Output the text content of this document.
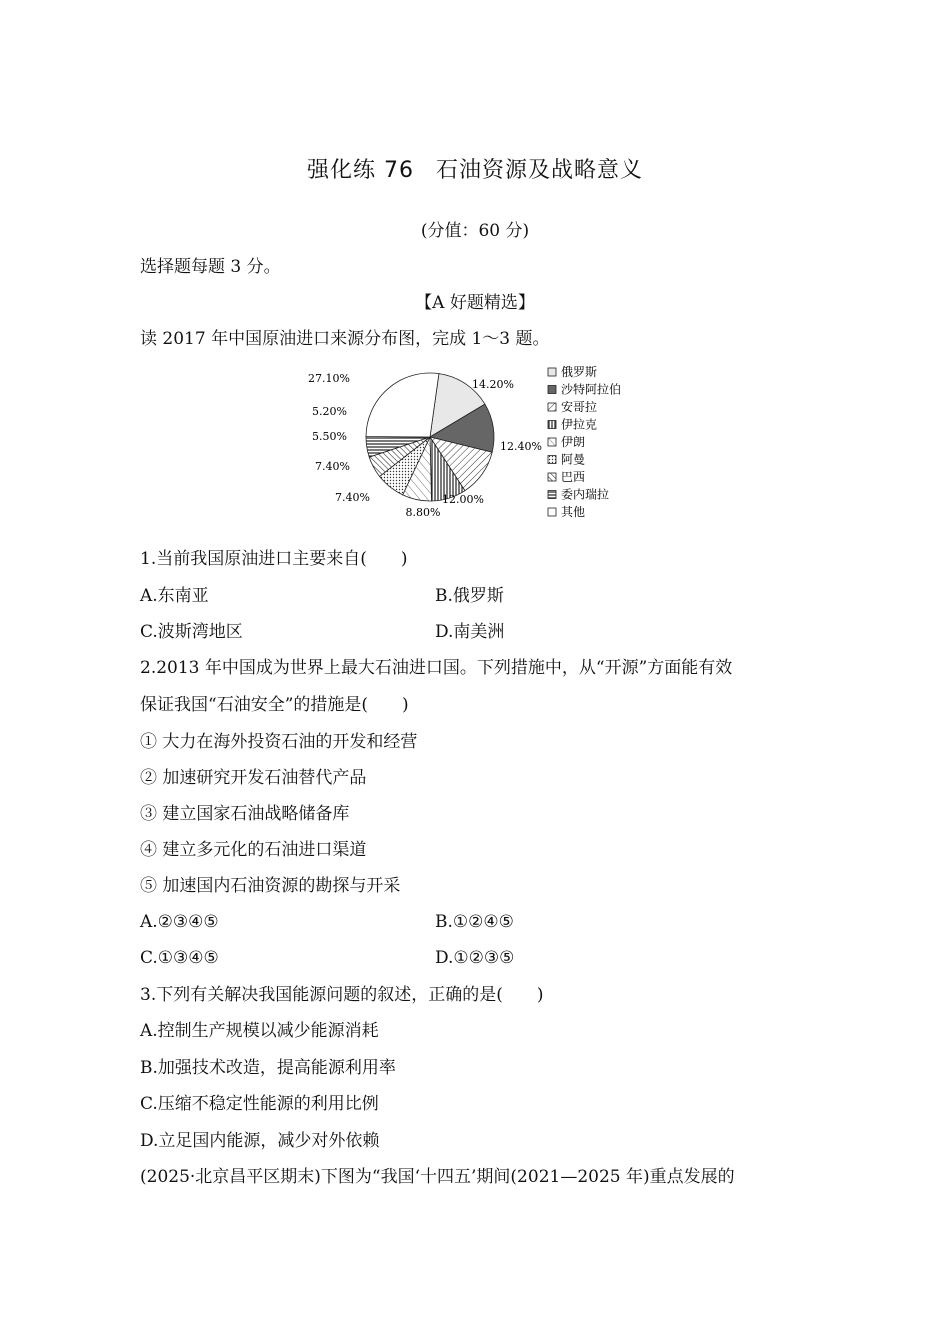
强化练 76 石油资源及战略意义
(分值：60 分)
选择题每题 3 分。
【A 好题精选】
读 2017 年中国原油进口来源分布图，完成 1～3 题。
14.20%
12.40%
12.00%
8.80%
7.40%
7.40%
5.50%
5.20%
27.10%	俄罗斯
沙特阿拉伯
安哥拉
伊拉克
伊朗
阿曼
巴西
委内瑞拉
其他
1.当前我国原油进口主要来自(　　)
A.东南亚	B.俄罗斯
C.波斯湾地区	D.南美洲
2.2013 年中国成为世界上最大石油进口国。下列措施中，从“开源”方面能有效
保证我国“石油安全”的措施是(　　)
① 大力在海外投资石油的开发和经营
② 加速研究开发石油替代产品
③ 建立国家石油战略储备库
④ 建立多元化的石油进口渠道
⑤ 加速国内石油资源的勘探与开采
A.②③④⑤	B.①②④⑤
C.①③④⑤	D.①②③⑤
3.下列有关解决我国能源问题的叙述，正确的是(　　)
A.控制生产规模以减少能源消耗
B.加强技术改造，提高能源利用率
C.压缩不稳定性能源的利用比例
D.立足国内能源，减少对外依赖
(2025·北京昌平区期末)下图为“我国‘十四五’期间(2021—2025 年)重点发展的
